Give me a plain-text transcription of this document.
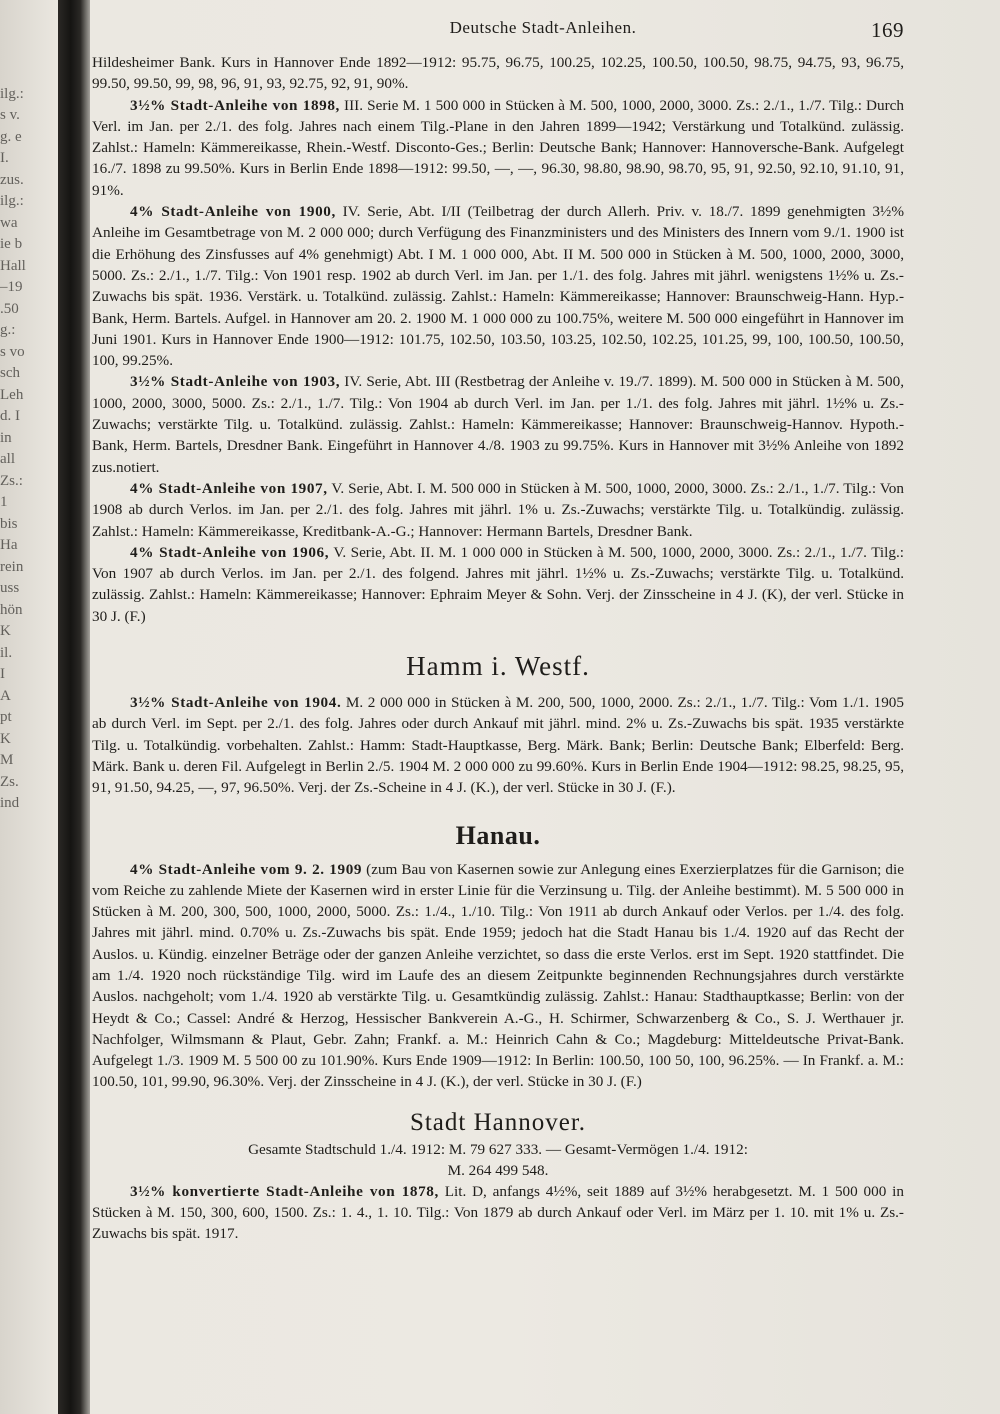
ilg.:
s v.
g. e
I.
zus.
ilg.:
wa
ie b
Hall
–19
.50
g.:
s vo
sch
Leh
d. I
in
all
Zs.:
1
bis
Ha
rein
uss
hön
K
il.
I
A
pt
K
M
Zs.
ind
Deutsche Stadt-Anleihen.	169

Hildesheimer Bank. Kurs in Hannover Ende 1892—1912: 95.75, 96.75, 100.25, 102.25, 100.50, 100.50, 98.75, 94.75, 93, 96.75, 99.50, 99.50, 99, 98, 96, 91, 93, 92.75, 92, 91, 90%.

3½% Stadt-Anleihe von 1898, III. Serie M. 1 500 000 in Stücken à M. 500, 1000, 2000, 3000. Zs.: 2./1., 1./7. Tilg.: Durch Verl. im Jan. per 2./1. des folg. Jahres nach einem Tilg.-Plane in den Jahren 1899—1942; Verstärkung und Totalkünd. zulässig. Zahlst.: Hameln: Kämmereikasse, Rhein.-Westf. Disconto-Ges.; Berlin: Deutsche Bank; Hannover: Hannoversche-Bank. Aufgelegt 16./7. 1898 zu 99.50%. Kurs in Berlin Ende 1898—1912: 99.50, —, —, 96.30, 98.80, 98.90, 98.70, 95, 91, 92.50, 92.10, 91.10, 91, 91%.

4% Stadt-Anleihe von 1900, IV. Serie, Abt. I/II (Teilbetrag der durch Allerh. Priv. v. 18./7. 1899 genehmigten 3½% Anleihe im Gesamtbetrage von M. 2 000 000; durch Verfügung des Finanzministers und des Ministers des Innern vom 9./1. 1900 ist die Erhöhung des Zinsfusses auf 4% genehmigt) Abt. I M. 1 000 000, Abt. II M. 500 000 in Stücken à M. 500, 1000, 2000, 3000, 5000. Zs.: 2./1., 1./7. Tilg.: Von 1901 resp. 1902 ab durch Verl. im Jan. per 1./1. des folg. Jahres mit jährl. wenigstens 1½% u. Zs.-Zuwachs bis spät. 1936. Verstärk. u. Totalkünd. zulässig. Zahlst.: Hameln: Kämmereikasse; Hannover: Braunschweig-Hann. Hyp.-Bank, Herm. Bartels. Aufgel. in Hannover am 20. 2. 1900 M. 1 000 000 zu 100.75%, weitere M. 500 000 eingeführt in Hannover im Juni 1901. Kurs in Hannover Ende 1900—1912: 101.75, 102.50, 103.50, 103.25, 102.50, 102.25, 101.25, 99, 100, 100.50, 100.50, 100, 99.25%.

3½% Stadt-Anleihe von 1903, IV. Serie, Abt. III (Restbetrag der Anleihe v. 19./7. 1899). M. 500 000 in Stücken à M. 500, 1000, 2000, 3000, 5000. Zs.: 2./1., 1./7. Tilg.: Von 1904 ab durch Verl. im Jan. per 1./1. des folg. Jahres mit jährl. 1½% u. Zs.-Zuwachs; verstärkte Tilg. u. Totalkünd. zulässig. Zahlst.: Hameln: Kämmereikasse; Hannover: Braunschweig-Hannov. Hypoth.-Bank, Herm. Bartels, Dresdner Bank. Eingeführt in Hannover 4./8. 1903 zu 99.75%. Kurs in Hannover mit 3½% Anleihe von 1892 zus.notiert.

4% Stadt-Anleihe von 1907, V. Serie, Abt. I. M. 500 000 in Stücken à M. 500, 1000, 2000, 3000. Zs.: 2./1., 1./7. Tilg.: Von 1908 ab durch Verlos. im Jan. per 2./1. des folg. Jahres mit jährl. 1% u. Zs.-Zuwachs; verstärkte Tilg. u. Totalkündig. zulässig. Zahlst.: Hameln: Kämmereikasse, Kreditbank-A.-G.; Hannover: Hermann Bartels, Dresdner Bank.

4% Stadt-Anleihe von 1906, V. Serie, Abt. II. M. 1 000 000 in Stücken à M. 500, 1000, 2000, 3000. Zs.: 2./1., 1./7. Tilg.: Von 1907 ab durch Verlos. im Jan. per 2./1. des folgend. Jahres mit jährl. 1½% u. Zs.-Zuwachs; verstärkte Tilg. u. Totalkünd. zulässig. Zahlst.: Hameln: Kämmereikasse; Hannover: Ephraim Meyer & Sohn. Verj. der Zinsscheine in 4 J. (K), der verl. Stücke in 30 J. (F.)

Hamm i. Westf.

3½% Stadt-Anleihe von 1904. M. 2 000 000 in Stücken à M. 200, 500, 1000, 2000. Zs.: 2./1., 1./7. Tilg.: Vom 1./1. 1905 ab durch Verl. im Sept. per 2./1. des folg. Jahres oder durch Ankauf mit jährl. mind. 2% u. Zs.-Zuwachs bis spät. 1935 verstärkte Tilg. u. Totalkündig. vorbehalten. Zahlst.: Hamm: Stadt-Hauptkasse, Berg. Märk. Bank; Berlin: Deutsche Bank; Elberfeld: Berg. Märk. Bank u. deren Fil. Aufgelegt in Berlin 2./5. 1904 M. 2 000 000 zu 99.60%. Kurs in Berlin Ende 1904—1912: 98.25, 98.25, 95, 91, 91.50, 94.25, —, 97, 96.50%. Verj. der Zs.-Scheine in 4 J. (K.), der verl. Stücke in 30 J. (F.).

Hanau.

4% Stadt-Anleihe vom 9. 2. 1909 (zum Bau von Kasernen sowie zur Anlegung eines Exerzierplatzes für die Garnison; die vom Reiche zu zahlende Miete der Kasernen wird in erster Linie für die Verzinsung u. Tilg. der Anleihe bestimmt). M. 5 500 000 in Stücken à M. 200, 300, 500, 1000, 2000, 5000. Zs.: 1./4., 1./10. Tilg.: Von 1911 ab durch Ankauf oder Verlos. per 1./4. des folg. Jahres mit jährl. mind. 0.70% u. Zs.-Zuwachs bis spät. Ende 1959; jedoch hat die Stadt Hanau bis 1./4. 1920 auf das Recht der Auslos. u. Kündig. einzelner Beträge oder der ganzen Anleihe verzichtet, so dass die erste Verlos. erst im Sept. 1920 stattfindet. Die am 1./4. 1920 noch rückständige Tilg. wird im Laufe des an diesem Zeitpunkte beginnenden Rechnungsjahres durch verstärkte Auslos. nachgeholt; vom 1./4. 1920 ab verstärkte Tilg. u. Gesamtkündig zulässig. Zahlst.: Hanau: Stadthauptkasse; Berlin: von der Heydt & Co.; Cassel: André & Herzog, Hessischer Bankverein A.-G., H. Schirmer, Schwarzenberg & Co., S. J. Werthauer jr. Nachfolger, Wilmsmann & Plaut, Gebr. Zahn; Frankf. a. M.: Heinrich Cahn & Co.; Magdeburg: Mitteldeutsche Privat-Bank. Aufgelegt 1./3. 1909 M. 5 500 00 zu 101.90%. Kurs Ende 1909—1912: In Berlin: 100.50, 100 50, 100, 96.25%. — In Frankf. a. M.: 100.50, 101, 99.90, 96.30%. Verj. der Zinsscheine in 4 J. (K.), der verl. Stücke in 30 J. (F.)

Stadt Hannover.

Gesamte Stadtschuld 1./4. 1912: M. 79 627 333. — Gesamt-Vermögen 1./4. 1912:

M. 264 499 548.

3½% konvertierte Stadt-Anleihe von 1878, Lit. D, anfangs 4½%, seit 1889 auf 3½% herabgesetzt. M. 1 500 000 in Stücken à M. 150, 300, 600, 1500. Zs.: 1. 4., 1. 10. Tilg.: Von 1879 ab durch Ankauf oder Verl. im März per 1. 10. mit 1% u. Zs.-Zuwachs bis spät. 1917.
